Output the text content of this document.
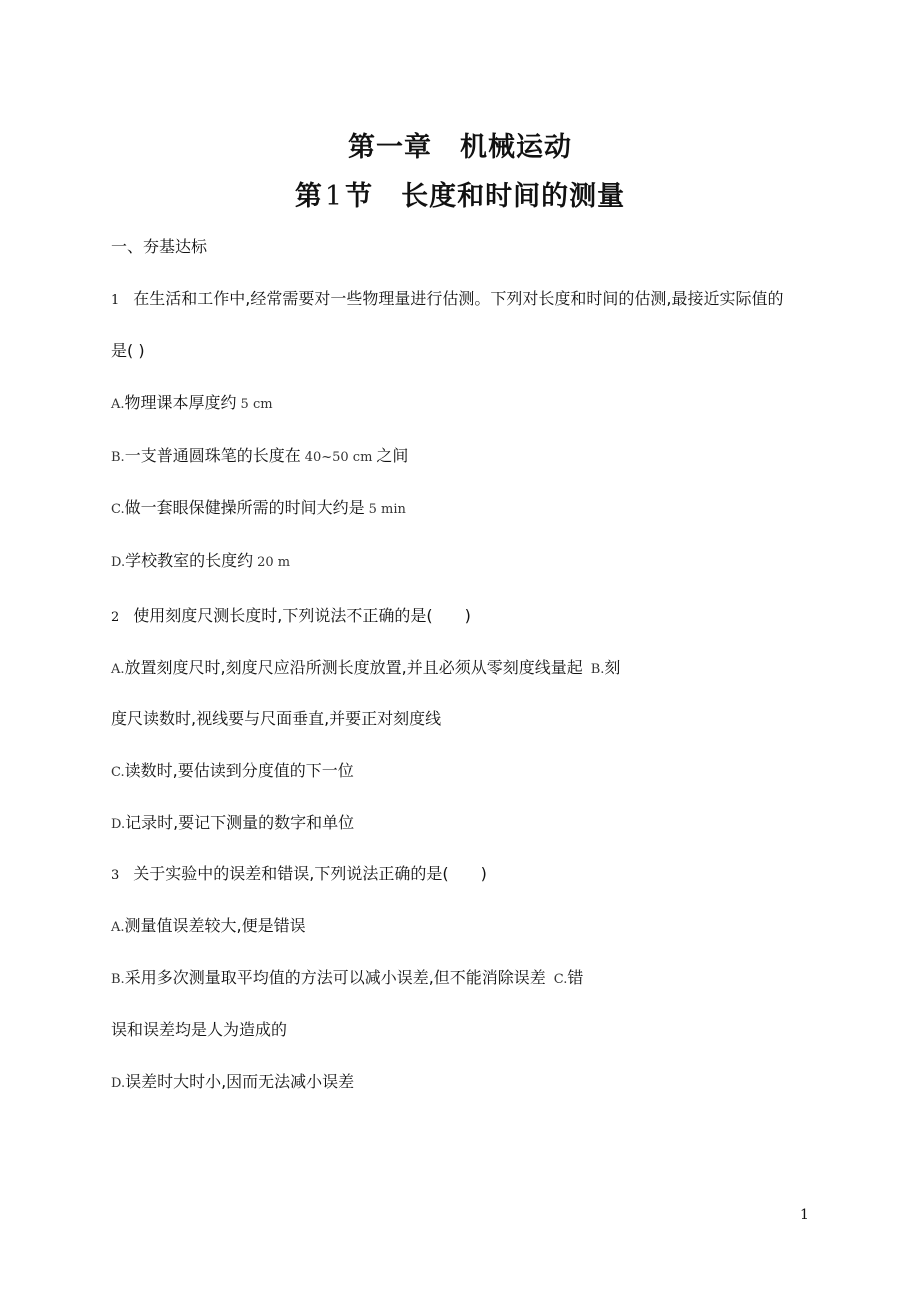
第一章　机械运动
第1节　长度和时间的测量
一、夯基达标
1 在生活和工作中,经常需要对一些物理量进行估测。下列对长度和时间的估测,最接近实际值的
是( )
A.物理课本厚度约 5 cm
B.一支普通圆珠笔的长度在 40~50 cm 之间
C.做一套眼保健操所需的时间大约是 5 min
D.学校教室的长度约 20 m
2 使用刻度尺测长度时,下列说法不正确的是(　　)
A.放置刻度尺时,刻度尺应沿所测长度放置,并且必须从零刻度线量起 B.刻
度尺读数时,视线要与尺面垂直,并要正对刻度线
C.读数时,要估读到分度值的下一位
D.记录时,要记下测量的数字和单位
3 关于实验中的误差和错误,下列说法正确的是(　　)
A.测量值误差较大,便是错误
B.采用多次测量取平均值的方法可以减小误差,但不能消除误差 C.错
误和误差均是人为造成的
D.误差时大时小,因而无法减小误差
1
